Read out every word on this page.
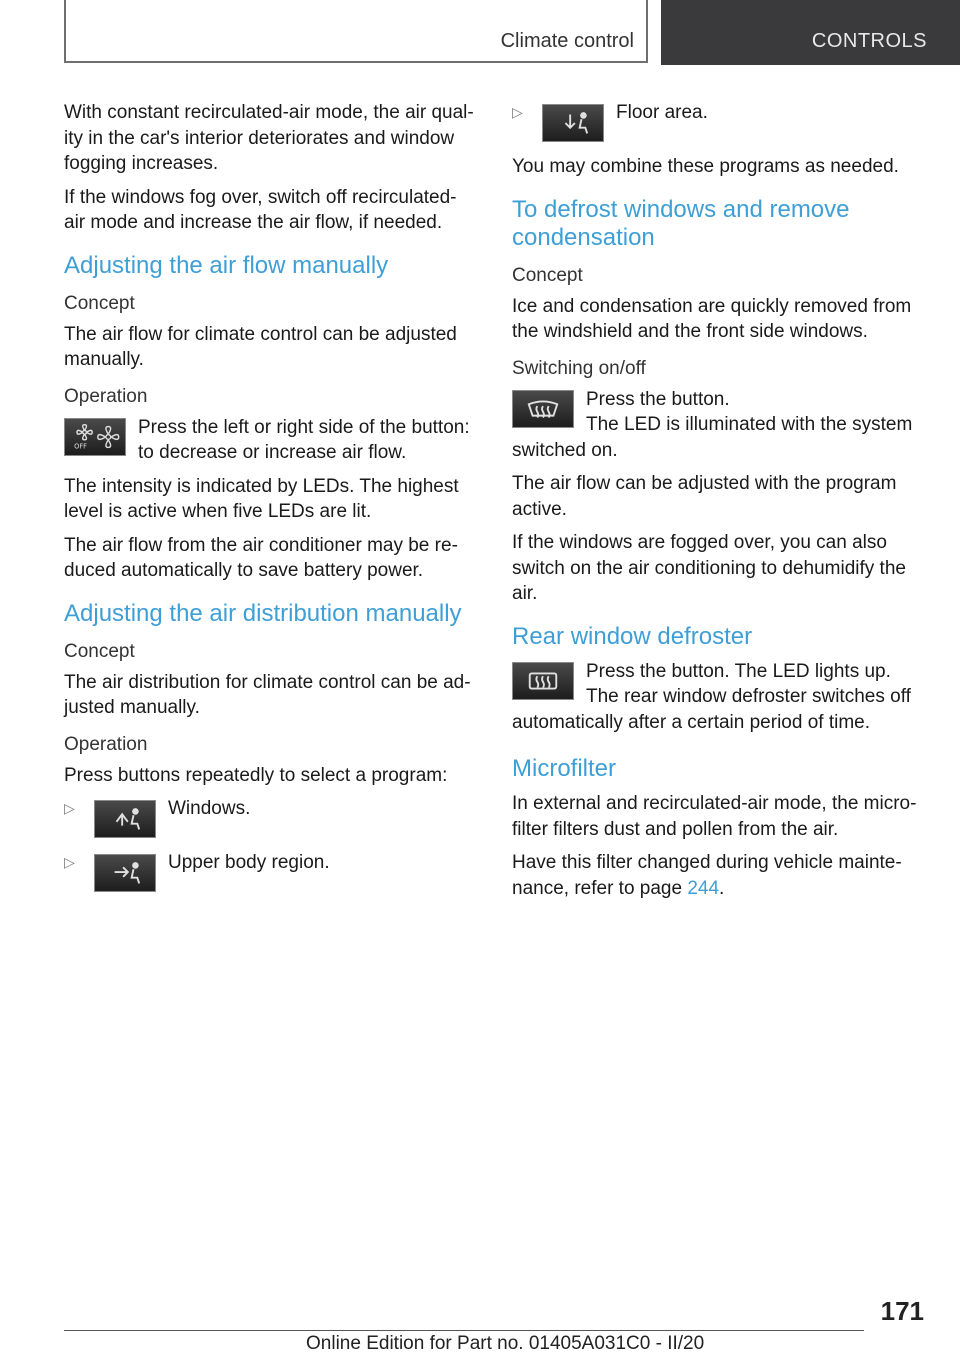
Climate control	CONTROLS

With constant recirculated-air mode, the air quality in the car's interior deteriorates and window fogging increases.

If the windows fog over, switch off recirculated-air mode and increase the air flow, if needed.

Adjusting the air flow manually
Concept

The air flow for climate control can be adjusted manually.

Operation
OFF
Press the left or right side of the button: to decrease or increase air flow.

The intensity is indicated by LEDs. The highest level is active when five LEDs are lit.

The air flow from the air conditioner may be reduced automatically to save battery power.

Adjusting the air distribution manually
Concept

The air distribution for climate control can be adjusted manually.

Operation

Press buttons repeatedly to select a program:

▷	Windows.
▷	Upper body region.
▷	Floor area.

You may combine these programs as needed.

To defrost windows and remove condensation
Concept

Ice and condensation are quickly removed from the windshield and the front side windows.

Switching on/off
Press the button.
The LED is illuminated with the system switched on.

The air flow can be adjusted with the program active.

If the windows are fogged over, you can also switch on the air conditioning to dehumidify the air.

Rear window defroster
Press the button. The LED lights up.
The rear window defroster switches off automatically after a certain period of time.
Microfilter

In external and recirculated-air mode, the microfilter filters dust and pollen from the air.

Have this filter changed during vehicle maintenance, refer to page 244.

171
Online Edition for Part no. 01405A031C0 - II/20
